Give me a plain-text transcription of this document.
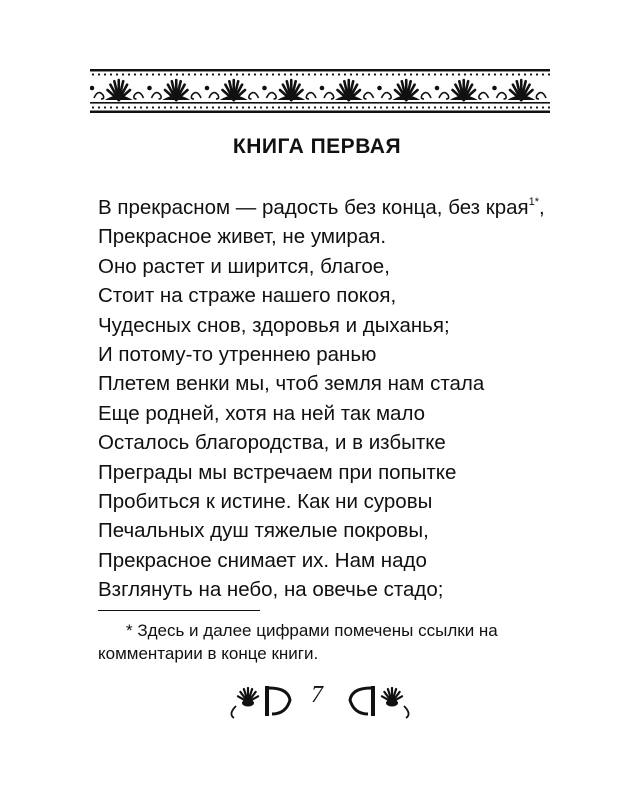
КНИГА ПЕРВАЯ
В прекрасном — радость без конца, без края$^{1*}$,
Прекрасное живет, не умирая.
Оно растет и ширится, благое,
Стоит на страже нашего покоя,
Чудесных снов, здоровья и дыханья;
И потому-то утреннею ранью
Плетем венки мы, чтоб земля нам стала
Еще родней, хотя на ней так мало
Осталось благородства, и в избытке
Преграды мы встречаем при попытке
Пробиться к истине. Как ни суровы
Печальных душ тяжелые покровы,
Прекрасное снимает их. Нам надо
Взглянуть на небо, на овечье стадо;
* Здесь и далее цифрами помечены ссылки на
комментарии в конце книги.
7
